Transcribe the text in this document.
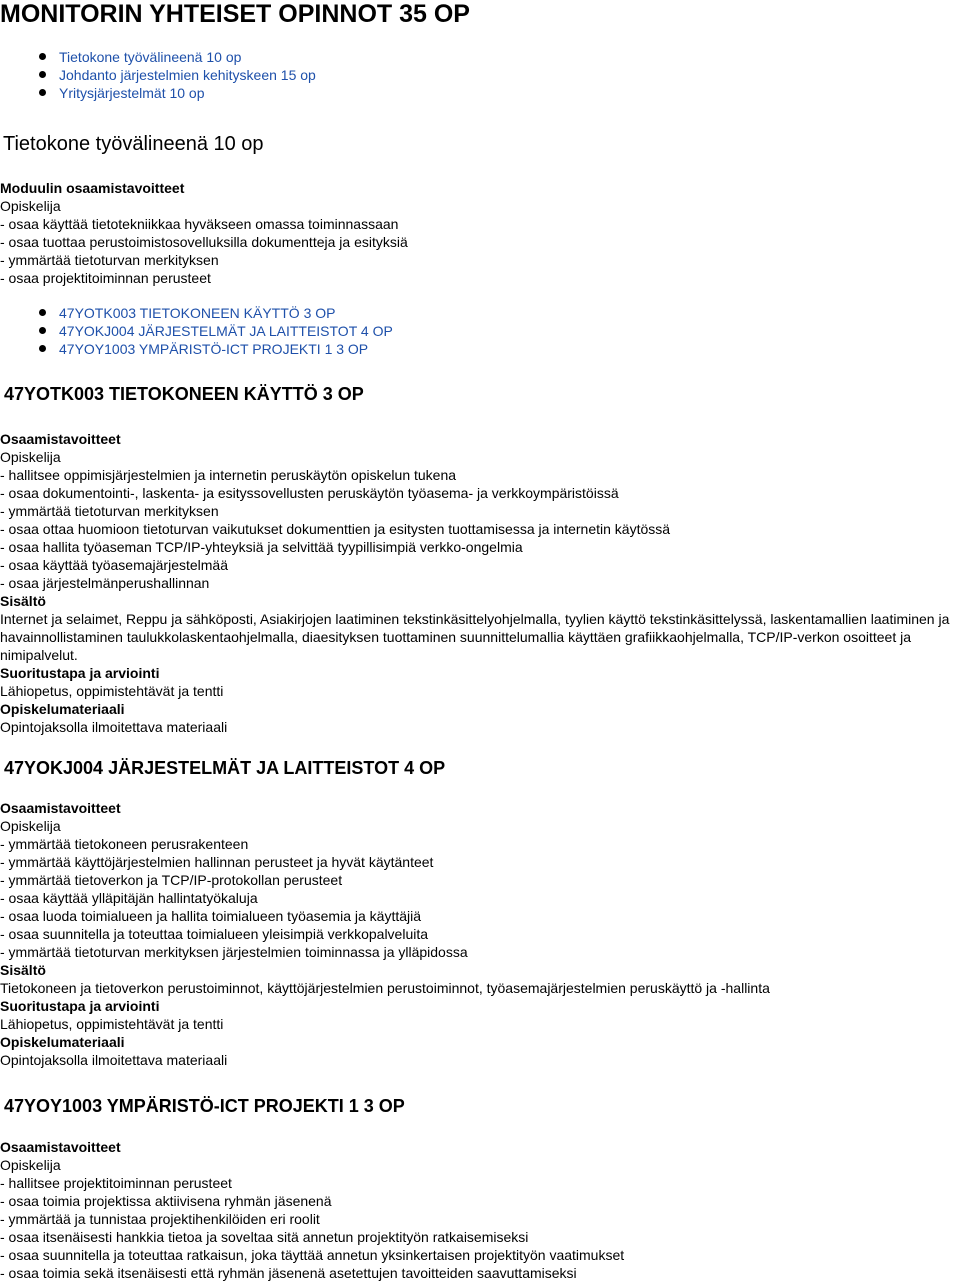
MONITORIN YHTEISET OPINNOT 35 OP
Tietokone työvälineenä 10 op
Johdanto järjestelmien kehityskeen 15 op
Yritysjärjestelmät 10 op
Tietokone työvälineenä 10 op
Moduulin osaamistavoitteet
Opiskelija
- osaa käyttää tietotekniikkaa hyväkseen omassa toiminnassaan
- osaa tuottaa perustoimistosovelluksilla dokumentteja ja esityksiä
- ymmärtää tietoturvan merkityksen
- osaa projektitoiminnan perusteet
47YOTK003 TIETOKONEEN KÄYTTÖ 3 OP
47YOKJ004 JÄRJESTELMÄT JA LAITTEISTOT 4 OP
47YOY1003 YMPÄRISTÖ-ICT PROJEKTI 1 3 OP
47YOTK003 TIETOKONEEN KÄYTTÖ 3 OP
Osaamistavoitteet
Opiskelija
- hallitsee oppimisjärjestelmien ja internetin peruskäytön opiskelun tukena
- osaa dokumentointi-, laskenta- ja esityssovellusten peruskäytön työasema- ja verkkoympäristöissä
- ymmärtää tietoturvan merkityksen
- osaa ottaa huomioon tietoturvan vaikutukset dokumenttien ja esitysten tuottamisessa ja internetin käytössä
- osaa hallita työaseman TCP/IP-yhteyksiä ja selvittää tyypillisimpiä verkko-ongelmia
- osaa käyttää työasemajärjestelmää
- osaa järjestelmänperushallinnan
Sisältö
Internet ja selaimet, Reppu ja sähköposti, Asiakirjojen laatiminen tekstinkäsittelyohjelmalla, tyylien käyttö tekstinkäsittelyssä, laskentamallien laatiminen ja havainnollistaminen taulukkolaskentaohjelmalla, diaesityksen tuottaminen suunnittelumallia käyttäen grafiikkaohjelmalla, TCP/IP-verkon osoitteet ja nimipalvelut.
Suoritustapa ja arviointi
Lähiopetus, oppimistehtävät ja tentti
Opiskelumateriaali
Opintojaksolla ilmoitettava materiaali
47YOKJ004 JÄRJESTELMÄT JA LAITTEISTOT 4 OP
Osaamistavoitteet
Opiskelija
- ymmärtää tietokoneen perusrakenteen
- ymmärtää käyttöjärjestelmien hallinnan perusteet ja hyvät käytänteet
- ymmärtää tietoverkon ja TCP/IP-protokollan perusteet
- osaa käyttää ylläpitäjän hallintatyökaluja
- osaa luoda toimialueen ja hallita toimialueen työasemia ja käyttäjiä
- osaa suunnitella ja toteuttaa toimialueen yleisimpiä verkkopalveluita
- ymmärtää tietoturvan merkityksen järjestelmien toiminnassa ja ylläpidossa
Sisältö
Tietokoneen ja tietoverkon perustoiminnot, käyttöjärjestelmien perustoiminnot, työasemajärjestelmien peruskäyttö ja -hallinta
Suoritustapa ja arviointi
Lähiopetus, oppimistehtävät ja tentti
Opiskelumateriaali
Opintojaksolla ilmoitettava materiaali
47YOY1003 YMPÄRISTÖ-ICT PROJEKTI 1 3 OP
Osaamistavoitteet
Opiskelija
- hallitsee projektitoiminnan perusteet
- osaa toimia projektissa aktiivisena ryhmän jäsenenä
- ymmärtää ja tunnistaa projektihenkilöiden eri roolit
- osaa itsenäisesti hankkia tietoa ja soveltaa sitä annetun projektityön ratkaisemiseksi
- osaa suunnitella ja toteuttaa ratkaisun, joka täyttää annetun yksinkertaisen projektityön vaatimukset
- osaa toimia sekä itsenäisesti että ryhmän jäsenenä asetettujen tavoitteiden saavuttamiseksi
